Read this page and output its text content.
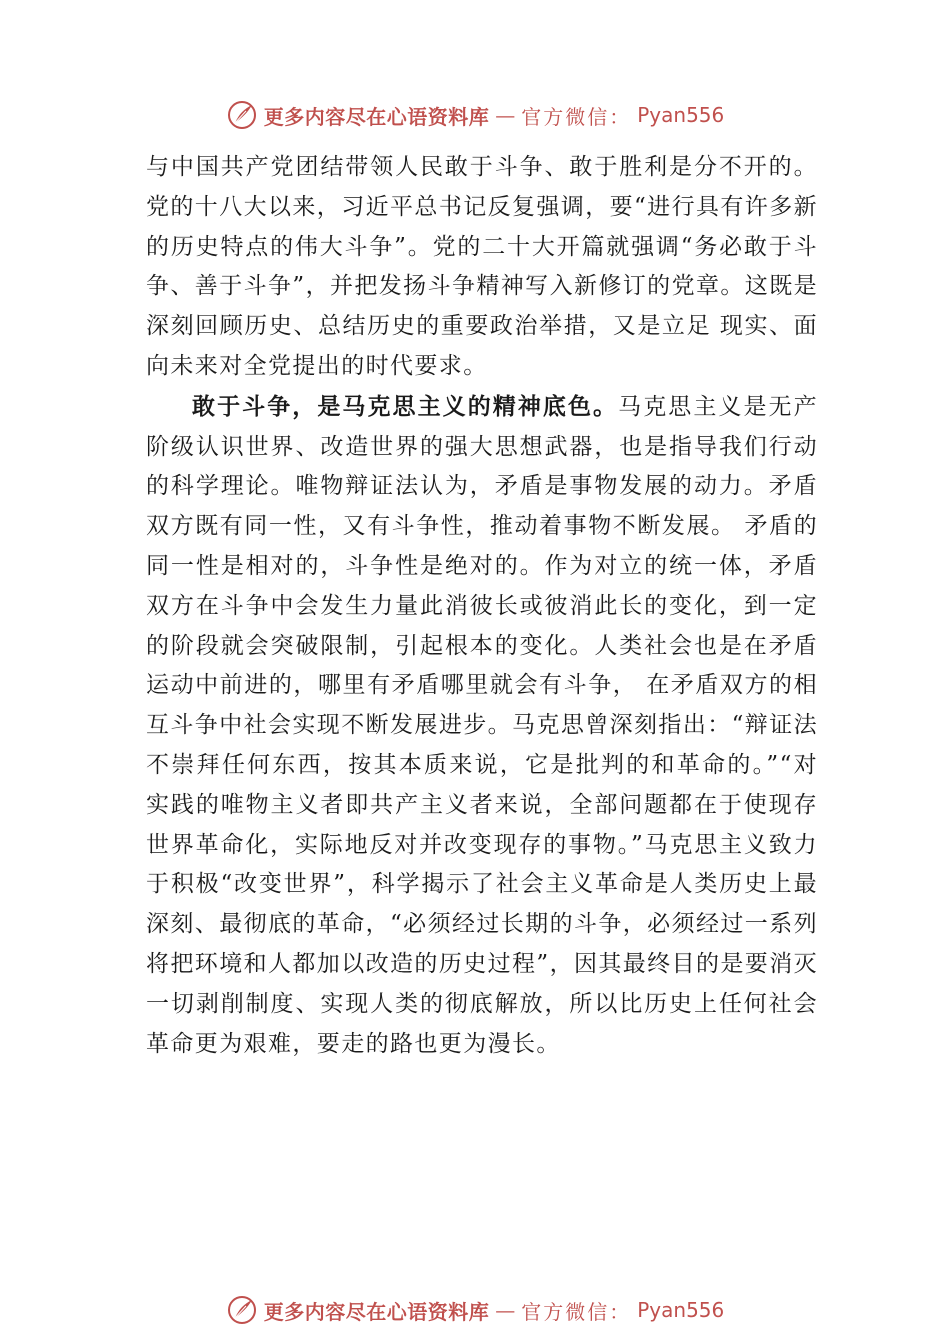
更多内容尽在心语资料库 — 官方微信： Pyan556

与中国共产党团结带领人民敢于斗争、敢于胜利是分不开的。党的十八大以来，习近平总书记反复强调，要“进行具有许多新的历史特点的伟大斗争”。党的二十大开篇就强调“务必敢于斗争、善于斗争”，并把发扬斗争精神写入新修订的党章。这既是深刻回顾历史、总结历史的重要政治举措，又是立足 现实、面向未来对全党提出的时代要求。

敢于斗争，是马克思主义的精神底色。马克思主义是无产阶级认识世界、改造世界的强大思想武器，也是指导我们行动的科学理论。唯物辩证法认为，矛盾是事物发展的动力。矛盾双方既有同一性，又有斗争性，推动着事物不断发展。 矛盾的同一性是相对的，斗争性是绝对的。作为对立的统一体，矛盾双方在斗争中会发生力量此消彼长或彼消此长的变化，到一定的阶段就会突破限制，引起根本的变化。人类社会也是在矛盾运动中前进的，哪里有矛盾哪里就会有斗争， 在矛盾双方的相互斗争中社会实现不断发展进步。马克思曾深刻指出：“辩证法不崇拜任何东西，按其本质来说，它是批判的和革命的。”“对实践的唯物主义者即共产主义者来说，全部问题都在于使现存世界革命化，实际地反对并改变现存的事物。”马克思主义致力于积极“改变世界”，科学揭示了社会主义革命是人类历史上最深刻、最彻底的革命，“必须经过长期的斗争，必须经过一系列将把环境和人都加以改造的历史过程”，因其最终目的是要消灭一切剥削制度、实现人类的彻底解放，所以比历史上任何社会革命更为艰难，要走的路也更为漫长。

更多内容尽在心语资料库 — 官方微信： Pyan556
